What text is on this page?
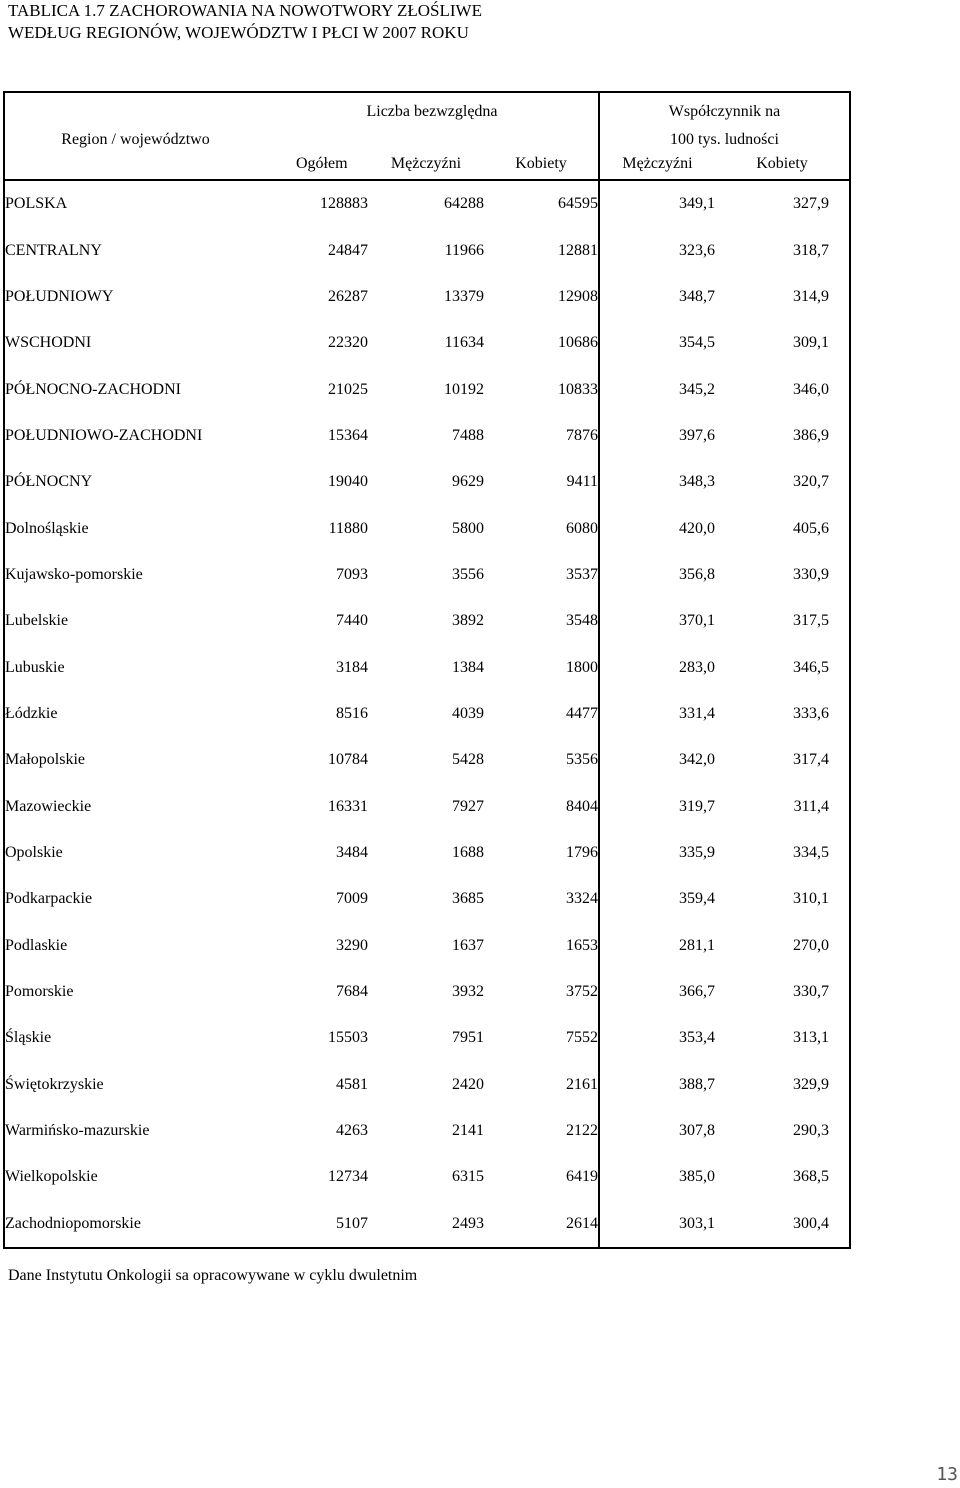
TABLICA 1.7 ZACHOROWANIA NA NOWOTWORY ZŁOŚLIWE
WEDŁUG REGIONÓW, WOJEWÓDZTW I PŁCI W 2007 ROKU
	Liczba bezwzględna			Współczynnik na	
Region / województwo				100 tys. ludności	
	Ogółem	Mężczyźni	Kobiety	Mężczyźni	Kobiety
POLSKA	128883	64288	64595	349,1	327,9
CENTRALNY	24847	11966	12881	323,6	318,7
POŁUDNIOWY	26287	13379	12908	348,7	314,9
WSCHODNI	22320	11634	10686	354,5	309,1
PÓŁNOCNO-ZACHODNI	21025	10192	10833	345,2	346,0
POŁUDNIOWO-ZACHODNI	15364	7488	7876	397,6	386,9
PÓŁNOCNY	19040	9629	9411	348,3	320,7
Dolnośląskie	11880	5800	6080	420,0	405,6
Kujawsko-pomorskie	7093	3556	3537	356,8	330,9
Lubelskie	7440	3892	3548	370,1	317,5
Lubuskie	3184	1384	1800	283,0	346,5
Łódzkie	8516	4039	4477	331,4	333,6
Małopolskie	10784	5428	5356	342,0	317,4
Mazowieckie	16331	7927	8404	319,7	311,4
Opolskie	3484	1688	1796	335,9	334,5
Podkarpackie	7009	3685	3324	359,4	310,1
Podlaskie	3290	1637	1653	281,1	270,0
Pomorskie	7684	3932	3752	366,7	330,7
Śląskie	15503	7951	7552	353,4	313,1
Świętokrzyskie	4581	2420	2161	388,7	329,9
Warmińsko-mazurskie	4263	2141	2122	307,8	290,3
Wielkopolskie	12734	6315	6419	385,0	368,5
Zachodniopomorskie	5107	2493	2614	303,1	300,4
Dane Instytutu Onkologii sa opracowywane w cyklu dwuletnim
13
